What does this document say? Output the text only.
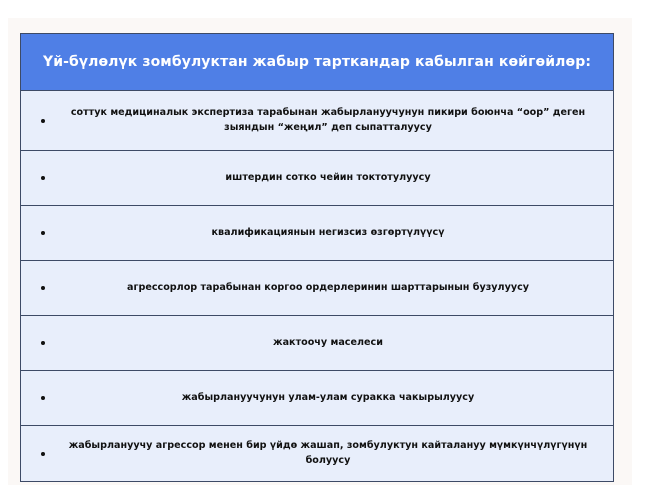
Үй-бүлөлүк зомбулуктан жабыр тарткандар кабылган көйгөйлөр:

соттук медициналык экспертиза тарабынан жабырлануучунун пикири боюнча “оор” деген зыяндын “жеңил” деп сыпатталуусу

иштердин сотко чейин токтотулуусу

квалификациянын негизсиз өзгөртүлүүсү

агрессорлор тарабынан коргоо ордерлеринин шарттарынын бузулуусу

жактоочу маселеси

жабырлануучунун улам-улам суракка чакырылуусу

жабырлануучу агрессор менен бир үйдө жашап, зомбулуктун кайталануу мүмкүнчүлүгүнүн болуусу
